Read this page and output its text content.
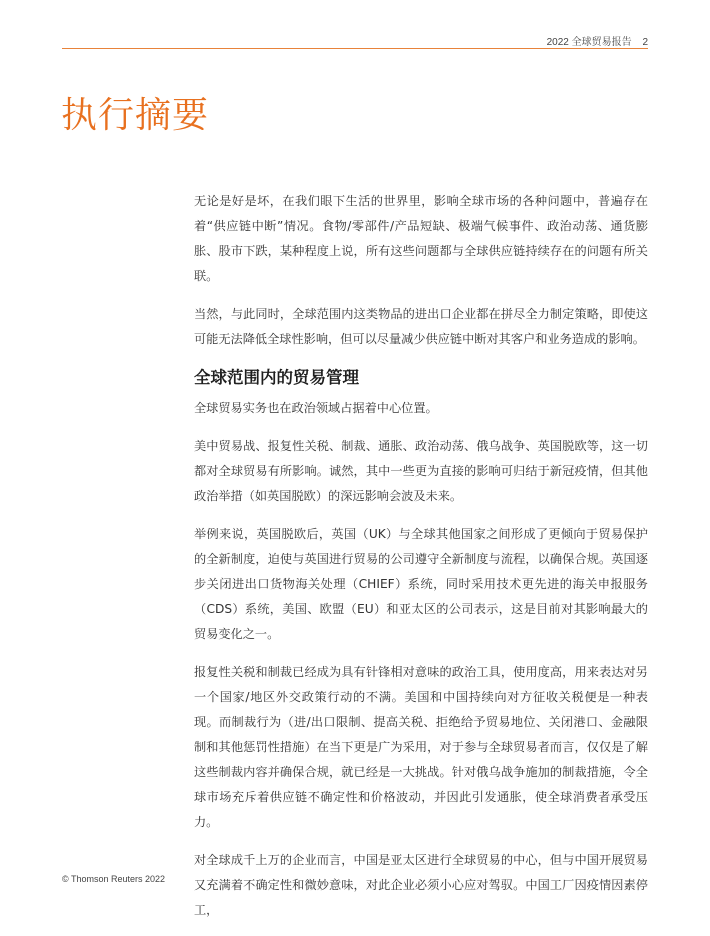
2022 全球贸易报告 2
执行摘要

无论是好是坏，在我们眼下生活的世界里，影响全球市场的各种问题中，普遍存在着“供应链中断”情况。食物/零部件/产品短缺、极端气候事件、政治动荡、通货膨胀、股市下跌，某种程度上说，所有这些问题都与全球供应链持续存在的问题有所关联。

当然，与此同时，全球范围内这类物品的进出口企业都在拼尽全力制定策略，即使这可能无法降低全球性影响，但可以尽量减少供应链中断对其客户和业务造成的影响。

全球范围内的贸易管理

全球贸易实务也在政治领域占据着中心位置。

美中贸易战、报复性关税、制裁、通胀、政治动荡、俄乌战争、英国脱欧等，这一切都对全球贸易有所影响。诚然，其中一些更为直接的影响可归结于新冠疫情，但其他政治举措（如英国脱欧）的深远影响会波及未来。

举例来说，英国脱欧后，英国（UK）与全球其他国家之间形成了更倾向于贸易保护的全新制度，迫使与英国进行贸易的公司遵守全新制度与流程，以确保合规。英国逐步关闭进出口货物海关处理（CHIEF）系统，同时采用技术更先进的海关申报服务（CDS）系统，美国、欧盟（EU）和亚太区的公司表示，这是目前对其影响最大的贸易变化之一。

报复性关税和制裁已经成为具有针锋相对意味的政治工具，使用度高，用来表达对另一个国家/地区外交政策行动的不满。美国和中国持续向对方征收关税便是一种表现。而制裁行为（进/出口限制、提高关税、拒绝给予贸易地位、关闭港口、金融限制和其他惩罚性措施）在当下更是广为采用，对于参与全球贸易者而言，仅仅是了解这些制裁内容并确保合规，就已经是一大挑战。针对俄乌战争施加的制裁措施，令全球市场充斥着供应链不确定性和价格波动，并因此引发通胀，使全球消费者承受压力。

对全球成千上万的企业而言，中国是亚太区进行全球贸易的中心，但与中国开展贸易又充满着不确定性和微妙意味，对此企业必须小心应对驾驭。中国工厂因疫情因素停工，

© Thomson Reuters 2022
